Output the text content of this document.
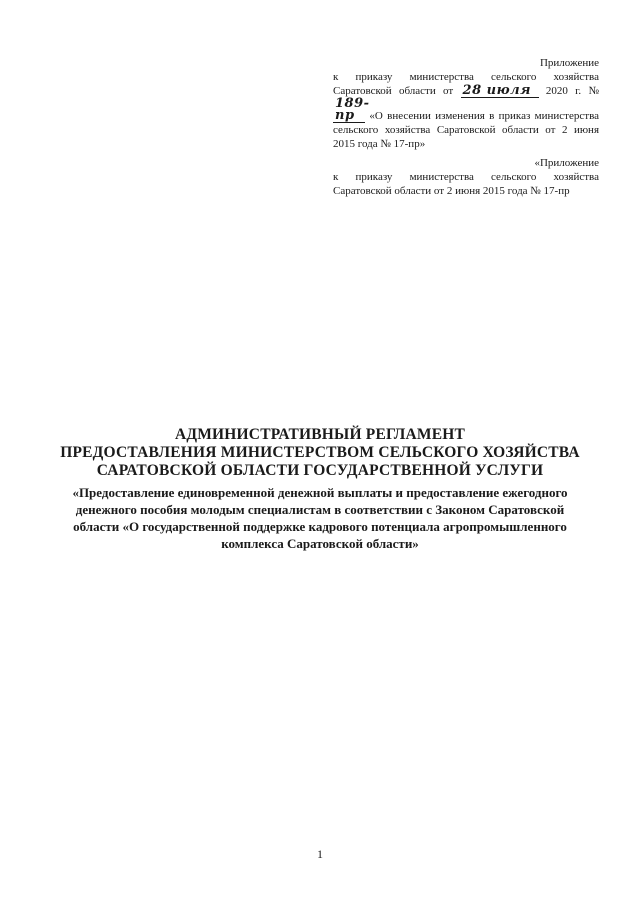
Приложение
к приказу министерства сельского хозяйства Саратовской области от 28 июля 2020 г. № 189-пр «О внесении изменения в приказ министерства сельского хозяйства Саратовской области от 2 июня 2015 года № 17-пр»
«Приложение
к приказу министерства сельского хозяйства Саратовской области от 2 июня 2015 года № 17-пр
АДМИНИСТРАТИВНЫЙ РЕГЛАМЕНТ
ПРЕДОСТАВЛЕНИЯ МИНИСТЕРСТВОМ СЕЛЬСКОГО ХОЗЯЙСТВА
САРАТОВСКОЙ ОБЛАСТИ ГОСУДАРСТВЕННОЙ УСЛУГИ
«Предоставление единовременной денежной выплаты и предоставление ежегодного денежного пособия молодым специалистам в соответствии с Законом Саратовской области «О государственной поддержке кадрового потенциала агропромышленного комплекса Саратовской области»
1
